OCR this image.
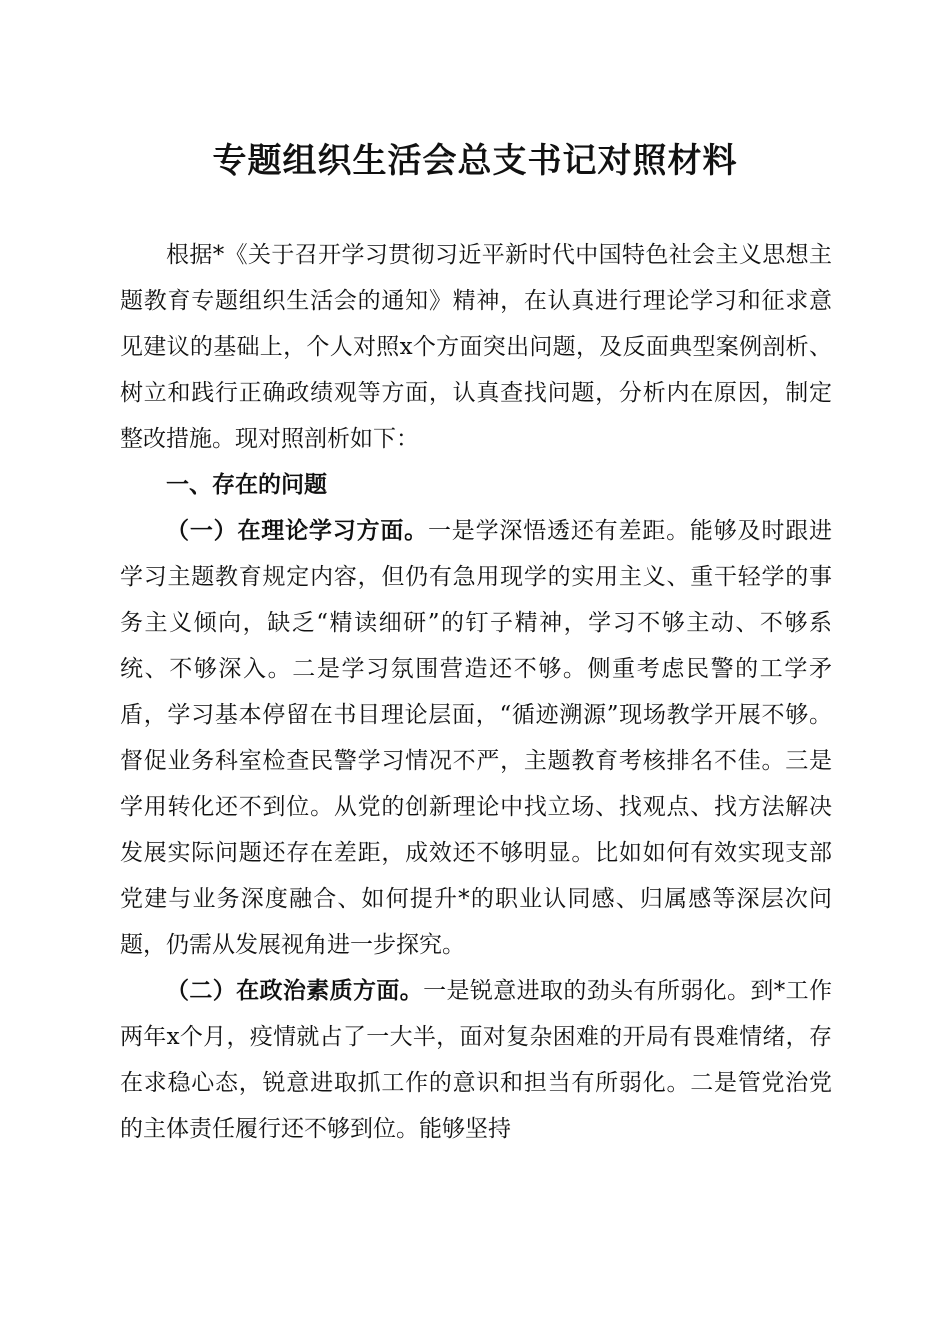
专题组织生活会总支书记对照材料

根据*《关于召开学习贯彻习近平新时代中国特色社会主义思想主题教育专题组织生活会的通知》精神，在认真进行理论学习和征求意见建议的基础上，个人对照x个方面突出问题，及反面典型案例剖析、树立和践行正确政绩观等方面，认真查找问题，分析内在原因，制定整改措施。现对照剖析如下：

一、存在的问题

（一）在理论学习方面。一是学深悟透还有差距。能够及时跟进学习主题教育规定内容，但仍有急用现学的实用主义、重干轻学的事务主义倾向，缺乏“精读细研”的钉子精神，学习不够主动、不够系统、不够深入。二是学习氛围营造还不够。侧重考虑民警的工学矛盾，学习基本停留在书目理论层面，“循迹溯源”现场教学开展不够。督促业务科室检查民警学习情况不严，主题教育考核排名不佳。三是学用转化还不到位。从党的创新理论中找立场、找观点、找方法解决发展实际问题还存在差距，成效还不够明显。比如如何有效实现支部党建与业务深度融合、如何提升*的职业认同感、归属感等深层次问题，仍需从发展视角进一步探究。

（二）在政治素质方面。一是锐意进取的劲头有所弱化。到*工作两年x个月，疫情就占了一大半，面对复杂困难的开局有畏难情绪，存在求稳心态，锐意进取抓工作的意识和担当有所弱化。二是管党治党的主体责任履行还不够到位。能够坚持
